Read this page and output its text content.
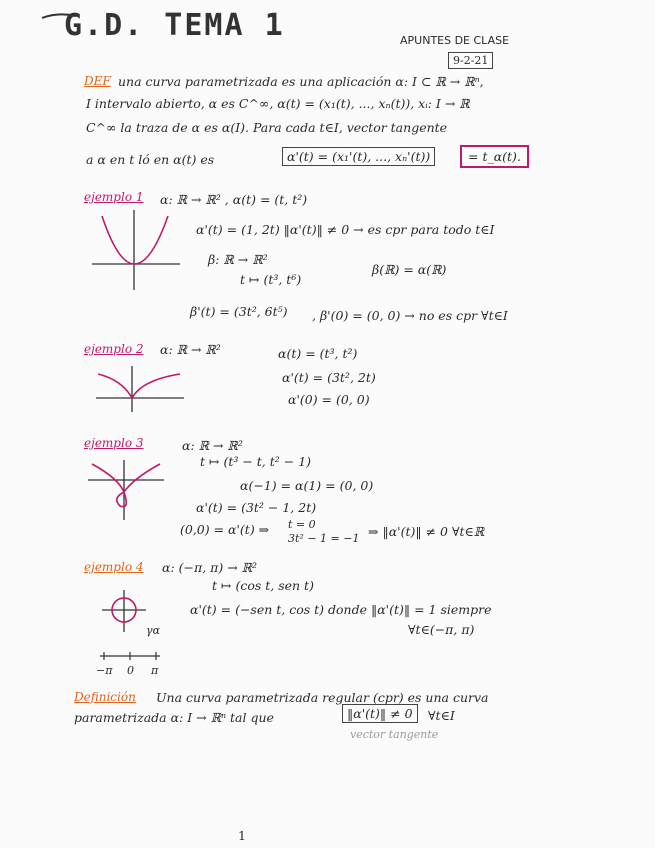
G.D. TEMA 1	APUNTES DE CLASE
9-2-21
DEF una curva parametrizada es una aplicación α: I ⊂ ℝ → ℝⁿ,
I intervalo abierto, α es C^∞, α(t) = (x₁(t), ..., xₙ(t)), xᵢ: I → ℝ
C^∞ la traza de α es α(I). Para cada t∈I, vector tangente
a α en t ló en α(t) es	α'(t) = (x₁'(t), ..., xₙ'(t))	= t_α(t).
ejemplo 1 α: ℝ → ℝ² , α(t) = (t, t²)
α'(t) = (1, 2t) ‖α'(t)‖ ≠ 0 → es cpr para todo t∈I
β: ℝ → ℝ²
t ↦ (t³, t⁶)
β(ℝ) = α(ℝ)
β'(t) = (3t², 6t⁵) , β'(0) = (0, 0) → no es cpr ∀t∈I
ejemplo 2 α: ℝ → ℝ²	α(t) = (t³, t²)
α'(t) = (3t², 2t)
α'(0) = (0, 0)
ejemplo 3	α: ℝ → ℝ²
t ↦ (t³ − t, t² − 1)
α(−1) = α(1) = (0, 0)
α'(t) = (3t² − 1, 2t)
(0,0) = α'(t) ⇒ t = 0
3t² − 1 = −1 ⇒ ‖α'(t)‖ ≠ 0 ∀t∈ℝ
ejemplo 4 α: (−π, π) → ℝ²
t ↦ (cos t, sen t)
α'(t) = (−sen t, cos t) donde ‖α'(t)‖ = 1 siempre
∀t∈(−π, π)
γα
−π 0 π
Definición Una curva parametrizada regular (cpr) es una curva
parametrizada α: I → ℝⁿ tal que	‖α'(t)‖ ≠ 0	∀t∈I
vector tangente
1
